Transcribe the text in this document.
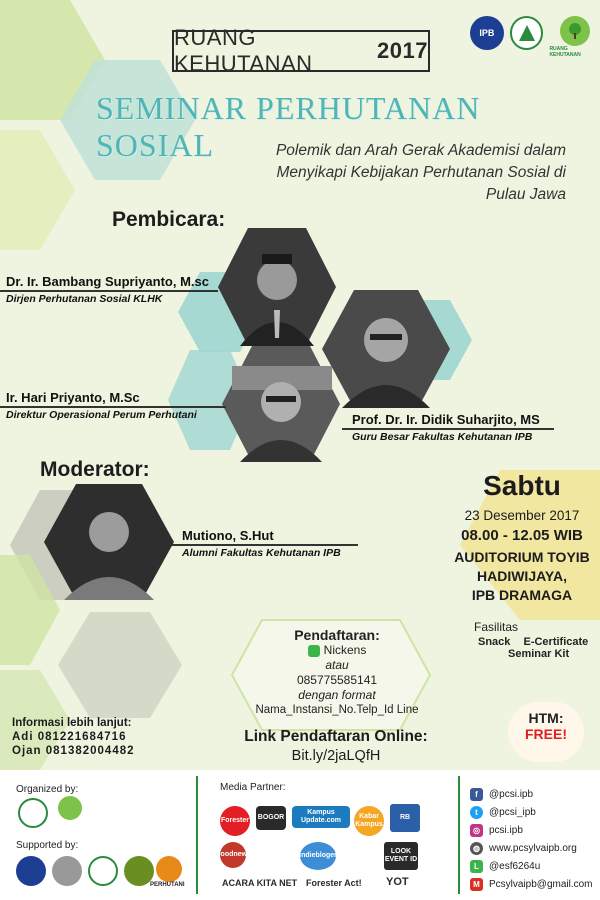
RUANG KEHUTANAN
2017
IPB
RUANG KEHUTANAN
SEMINAR PERHUTANAN SOSIAL	Polemik dan Arah Gerak Akademisi dalam
Menyikapi Kebijakan Perhutanan Sosial di
Pulau Jawa
Pembicara:
Dr. Ir. Bambang Supriyanto, M.sc
Dirjen Perhutanan Sosial KLHK
Ir. Hari Priyanto, M.Sc
Direktur Operasional Perum Perhutani	Prof. Dr. Ir. Didik Suharjito, MS
Guru Besar Fakultas Kehutanan IPB
Moderator:
Mutiono, S.Hut
Alumni Fakultas Kehutanan IPB
Sabtu
23 Desember 2017
08.00 - 12.05 WIB
AUDITORIUM TOYIB
HADIWIJAYA,
IPB DRAMAGA
Fasilitas
Snack E-Certificate
Seminar Kit
HTM:
FREE!
Pendaftaran:
Nickens
atau
085775585141
dengan format
Nama_Instansi_No.Telp_Id Line
Link Pendaftaran Online:
Bit.ly/2jaLQfH
Informasi lebih lanjut:
Adi 081221684716
Ojan 081382004482
Organized by:
Supported by:
PERHUTANI
Media Partner:
Forester BOGOR
Kampus Update.com
Kabar Kampus
RB
Goodnews	indiebloger
LOOK EVENT ID
ACARA KITA NET Forester Act! YOT
f	@pcsi.ipb
t	@pcsi_ipb
◎ pcsi.ipb
◍ www.pcsylvaipb.org
L	@esf6264u
M Pcsylvaipb@gmail.com
